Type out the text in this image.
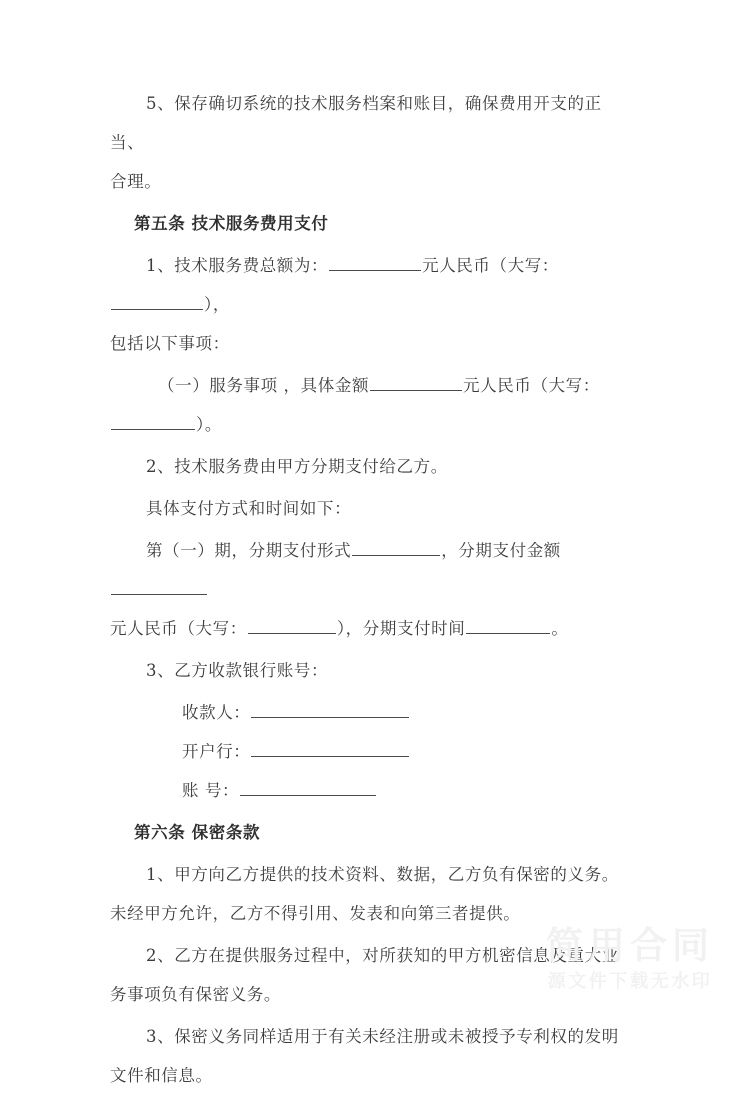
5、保存确切系统的技术服务档案和账目，确保费用开支的正当、

合理。

第五条 技术服务费用支付

1、技术服务费总额为：	元人民币（大写：），

包括以下事项：

（一）服务事项 ，具体金额	元人民币（大写：

）。

2、技术服务费由甲方分期支付给乙方。

具体支付方式和时间如下：

第（一）期，分期支付形式	，分期支付金额

元人民币（大写：	），分期支付时间	。

3、乙方收款银行账号：

收款人：

开户行：

账 号：

第六条 保密条款

1、甲方向乙方提供的技术资料、数据，乙方负有保密的义务。

未经甲方允许，乙方不得引用、发表和向第三者提供。

2、乙方在提供服务过程中，对所获知的甲方机密信息及重大业

务事项负有保密义务。

3、保密义务同样适用于有关未经注册或未被授予专利权的发明

文件和信息。

简用合同
源文件下载无水印
